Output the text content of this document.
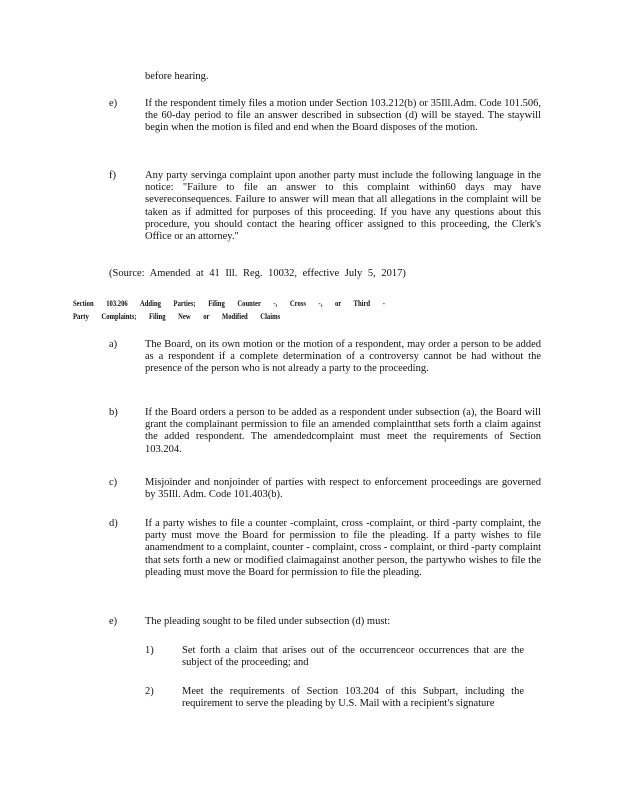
before hearing.
e)	If the respondent timely files a motion under Section 103.212(b) or 35Ill.Adm. Code 101.506, the 60-day period to file an answer described in subsection (d) will be stayed. The staywill begin when the motion is filed and end when the Board disposes of the motion.
f)	Any party servinga complaint upon another party must include the following language in the notice: "Failure to file an answer to this complaint within60 days may have severeconsequences. Failure to answer will mean that all allegations in the complaint will be taken as if admitted for purposes of this proceeding. If you have any questions about this procedure, you should contact the hearing officer assigned to this proceeding, the Clerk's Office or an attorney."
(Source: Amended at 41 Ill. Reg. 10032, effective July 5, 2017)
Section 103.206 Adding Parties; Filing Counter -, Cross -, or Third -Party Complaints; Filing New or Modified Claims
a)	The Board, on its own motion or the motion of a respondent, may order a person to be added as a respondent if a complete determination of a controversy cannot be had without the presence of the person who is not already a party to the proceeding.
b)	If the Board orders a person to be added as a respondent under subsection (a), the Board will grant the complainant permission to file an amended complaintthat sets forth a claim against the added respondent. The amendedcomplaint must meet the requirements of Section 103.204.
c)	Misjoinder and nonjoinder of parties with respect to enforcement proceedings are governed by 35Ill. Adm. Code 101.403(b).
d)	If a party wishes to file a counter -complaint, cross -complaint, or third -party complaint, the party must move the Board for permission to file the pleading. If a party wishes to file anamendment to a complaint, counter - complaint, cross - complaint, or third -party complaint that sets forth a new or modified claimagainst another person, the partywho wishes to file the pleading must move the Board for permission to file the pleading.
e)	The pleading sought to be filed under subsection (d) must:
1)	Set forth a claim that arises out of the occurrenceor occurrences that are the subject of the proceeding; and
2)	Meet the requirements of Section 103.204 of this Subpart, including the requirement to serve the pleading by U.S. Mail with a recipient's signature
